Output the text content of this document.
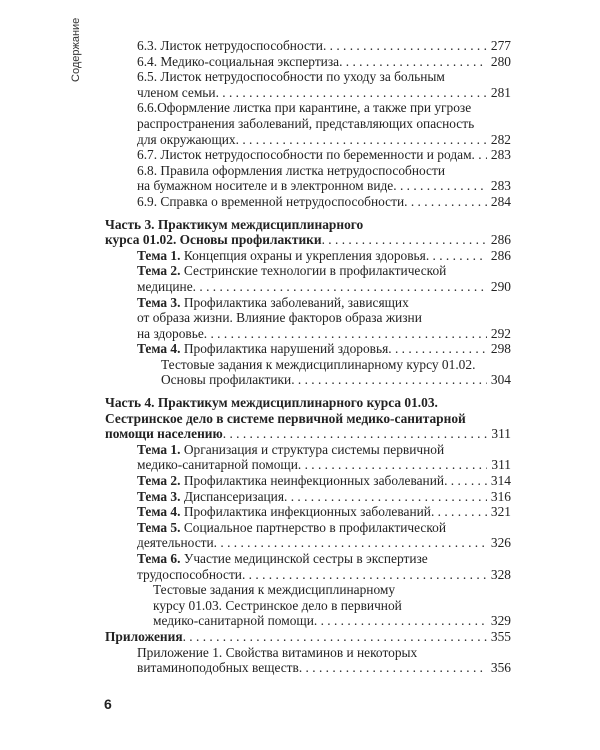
Содержание	6.3. Листок нетрудоспособности . . .	277
6.4. Медико-социальная экспертиза . . .	280
6.5. Листок нетрудоспособности по уходу за больным
членом семьи . . .	281
6.6.Оформление листка при карантине, а также при угрозе
распространения заболеваний, представляющих опасность
для окружающих . . .	282
6.7. Листок нетрудоспособности по беременности и родам . . . 283
6.8. Правила оформления листка нетрудоспособности
на бумажном носителе и в электронном виде . . .	283
6.9. Справка о временной нетрудоспособности . . .	284
Часть 3. Практикум междисциплинарного
курса 01.02. Основы профилактики . . .	286
Тема 1. Концепция охраны и укрепления здоровья . . .	286
Тема 2. Сестринские технологии в профилактической
медицине . . .	290
Тема 3. Профилактика заболеваний, зависящих
от образа жизни. Влияние факторов образа жизни
на здоровье . . .	292
Тема 4. Профилактика нарушений здоровья . . .	298
Тестовые задания к междисциплинарному курсу 01.02.
Основы профилактики . . .	304
Часть 4. Практикум междисциплинарного курса 01.03.
Сестринское дело в системе первичной медико-санитарной
помощи населению . . .	311
Тема 1. Организация и структура системы первичной
медико-санитарной помощи . . .	311
Тема 2. Профилактика неинфекционных заболеваний . . .	314
Тема 3. Диспансеризация . . .	316
Тема 4. Профилактика инфекционных заболеваний . . .	321
Тема 5. Социальное партнерство в профилактической
деятельности . . .	326
Тема 6. Участие медицинской сестры в экспертизе
трудоспособности . . .	328
Тестовые задания к междисциплинарному
курсу 01.03. Сестринское дело в первичной
медико-санитарной помощи . . .	329
Приложения . . .	355
Приложение 1. Свойства витаминов и некоторых
витаминоподобных веществ . . .	356
6
